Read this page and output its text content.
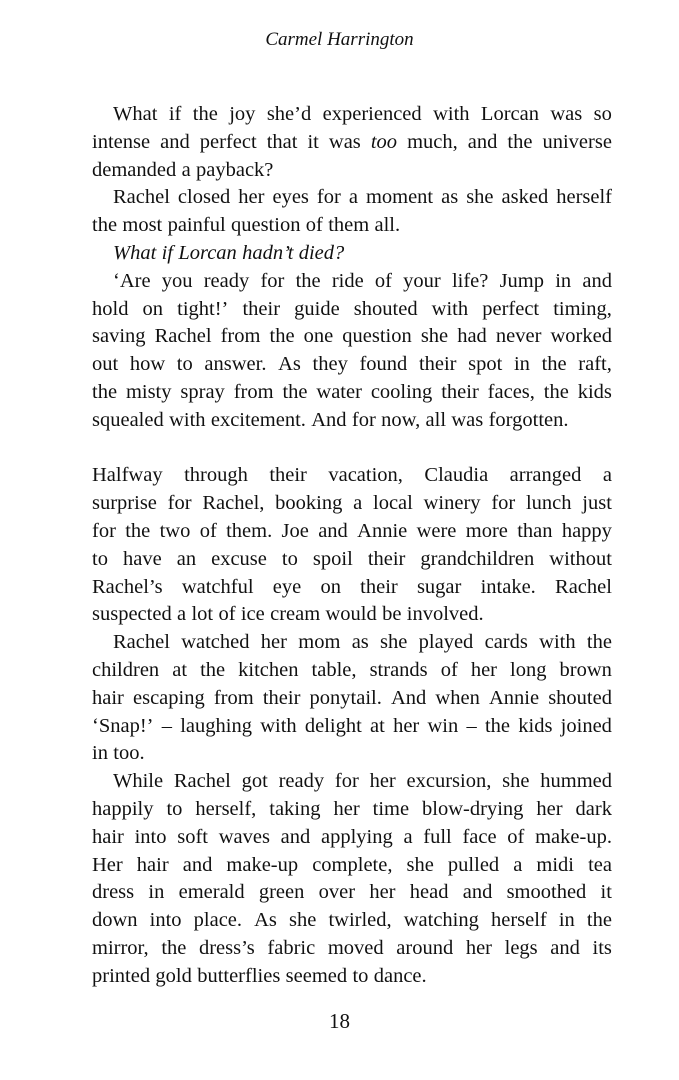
Carmel Harrington
What if the joy she’d experienced with Lorcan was so
intense and perfect that it was too much, and the universe
demanded a payback?
Rachel closed her eyes for a moment as she asked herself
the most painful question of them all.
What if Lorcan hadn’t died?
‘Are you ready for the ride of your life? Jump in and
hold on tight!’ their guide shouted with perfect timing,
saving Rachel from the one question she had never worked
out how to answer. As they found their spot in the raft,
the misty spray from the water cooling their faces, the kids
squealed with excitement. And for now, all was forgotten.
Halfway through their vacation, Claudia arranged a
surprise for Rachel, booking a local winery for lunch just
for the two of them. Joe and Annie were more than happy
to have an excuse to spoil their grandchildren without
Rachel’s watchful eye on their sugar intake. Rachel
suspected a lot of ice cream would be involved.
Rachel watched her mom as she played cards with the
children at the kitchen table, strands of her long brown
hair escaping from their ponytail. And when Annie shouted
‘Snap!’ – laughing with delight at her win – the kids joined
in too.
While Rachel got ready for her excursion, she hummed
happily to herself, taking her time blow-drying her dark
hair into soft waves and applying a full face of make-up.
Her hair and make-up complete, she pulled a midi tea
dress in emerald green over her head and smoothed it
down into place. As she twirled, watching herself in the
mirror, the dress’s fabric moved around her legs and its
printed gold butterflies seemed to dance.
18
